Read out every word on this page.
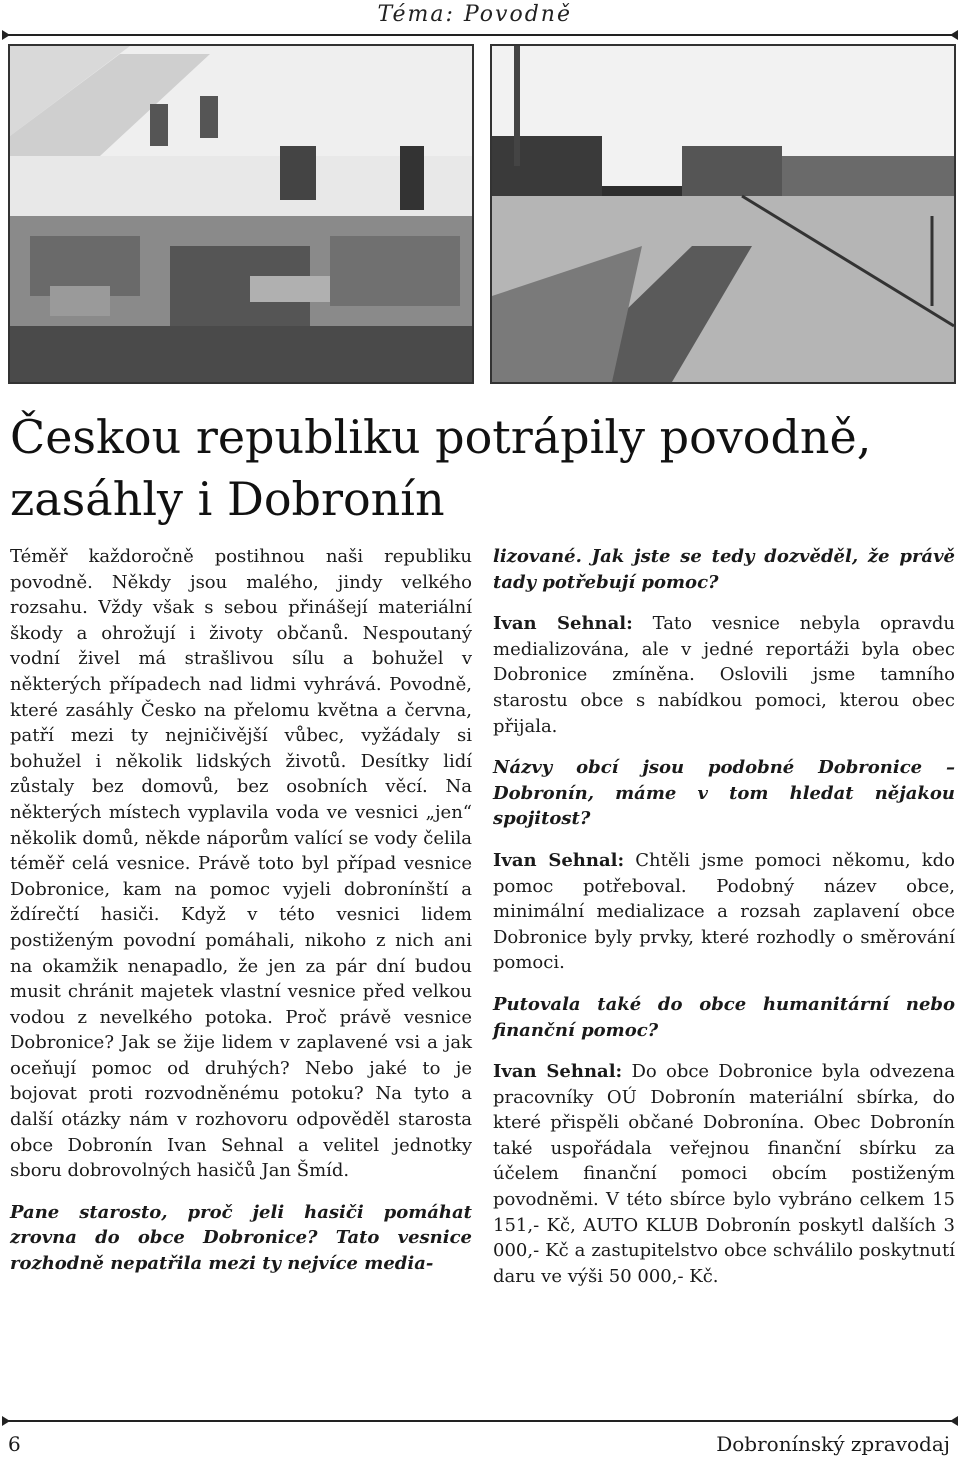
Téma: Povodně
Českou republiku potrápily povodně,
zasáhly i Dobronín

Téměř každoročně postihnou naši republiku povodně. Někdy jsou malého, jindy velkého rozsahu. Vždy však s sebou přinášejí materiální škody a ohrožují i životy občanů. Nespoutaný vodní živel má strašlivou sílu a bohužel v některých případech nad lidmi vyhrává. Povodně, které zasáhly Česko na přelomu května a června, patří mezi ty nejničivější vůbec, vyžádaly si bohužel i několik lidských životů. Desítky lidí zůstaly bez domovů, bez osobních věcí. Na některých místech vyplavila voda ve vesnici „jen“ několik domů, někde náporům valící se vody čelila téměř celá vesnice. Právě toto byl případ vesnice Dobronice, kam na pomoc vyjeli dobronínští a ždírečtí hasiči. Když v této vesnici lidem postiženým povodní pomáhali, nikoho z nich ani na okamžik nenapadlo, že jen za pár dní budou musit chránit majetek vlastní vesnice před velkou vodou z nevelkého potoka. Proč právě vesnice Dobronice? Jak se žije lidem v zaplavené vsi a jak oceňují pomoc od druhých? Nebo jaké to je bojovat proti rozvodněnému potoku? Na tyto a další otázky nám v rozhovoru odpověděl starosta obce Dobronín Ivan Sehnal a velitel jednotky sboru dobrovolných hasičů Jan Šmíd.

Pane starosto, proč jeli hasiči pomáhat zrovna do obce Dobronice? Tato vesnice rozhodně nepatřila mezi ty nejvíce media-

lizované. Jak jste se tedy dozvěděl, že právě tady potřebují pomoc?

Ivan Sehnal: Tato vesnice nebyla opravdu medializována, ale v jedné reportáži byla obec Dobronice zmíněna. Oslovili jsme tamního starostu obce s nabídkou pomoci, kterou obec přijala.

Názvy obcí jsou podobné Dobronice – Dobronín, máme v tom hledat nějakou spojitost?

Ivan Sehnal: Chtěli jsme pomoci někomu, kdo pomoc potřeboval. Podobný název obce, minimální medializace a rozsah zaplavení obce Dobronice byly prvky, které rozhodly o směrování pomoci.

Putovala také do obce humanitární nebo finanční pomoc?

Ivan Sehnal: Do obce Dobronice byla odvezena pracovníky OÚ Dobronín materiální sbírka, do které přispěli občané Dobronína. Obec Dobronín také uspořádala veřejnou finanční sbírku za účelem finanční pomoci obcím postiženým povodněmi. V této sbírce bylo vybráno celkem 15 151,- Kč, AUTO KLUB Dobronín poskytl dalších 3 000,- Kč a zastupitelstvo obce schválilo poskytnutí daru ve výši 50 000,- Kč.

6	Dobronínský zpravodaj
